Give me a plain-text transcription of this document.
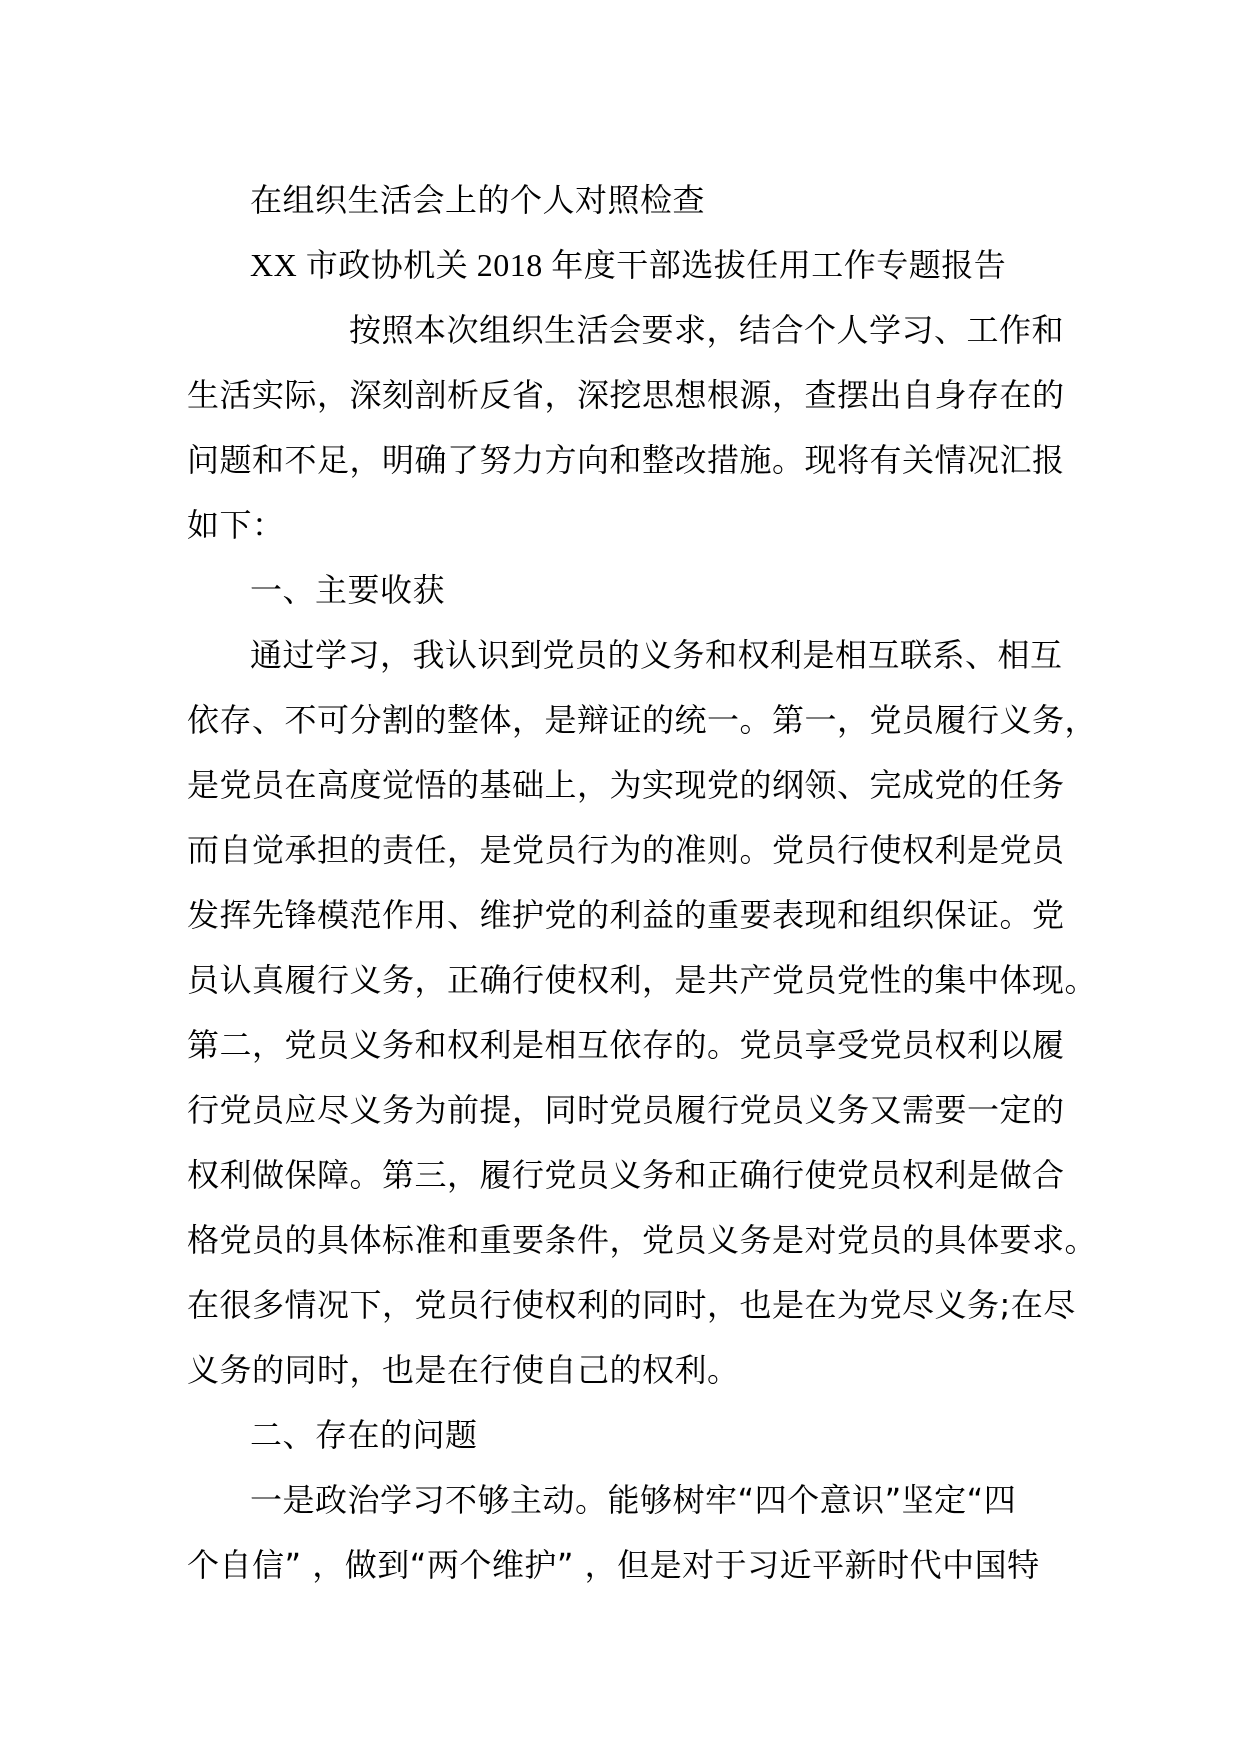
在组织生活会上的个人对照检查
XX 市政协机关 2018 年度干部选拔任用工作专题报告
按照本次组织生活会要求，结合个人学习、工作和
生活实际，深刻剖析反省，深挖思想根源，查摆出自身存在的
问题和不足，明确了努力方向和整改措施。现将有关情况汇报
如下：
一、主要收获
通过学习，我认识到党员的义务和权利是相互联系、相互
依存、不可分割的整体，是辩证的统一。第一，党员履行义务，
是党员在高度觉悟的基础上，为实现党的纲领、完成党的任务
而自觉承担的责任，是党员行为的准则。党员行使权利是党员
发挥先锋模范作用、维护党的利益的重要表现和组织保证。党
员认真履行义务，正确行使权利，是共产党员党性的集中体现。
第二，党员义务和权利是相互依存的。党员享受党员权利以履
行党员应尽义务为前提，同时党员履行党员义务又需要一定的
权利做保障。第三，履行党员义务和正确行使党员权利是做合
格党员的具体标准和重要条件，党员义务是对党员的具体要求。
在很多情况下，党员行使权利的同时，也是在为党尽义务;在尽
义务的同时，也是在行使自己的权利。
二、存在的问题
一是政治学习不够主动。能够树牢“四个意识”坚定“四
个自信” ，做到“两个维护” ，但是对于习近平新时代中国特
